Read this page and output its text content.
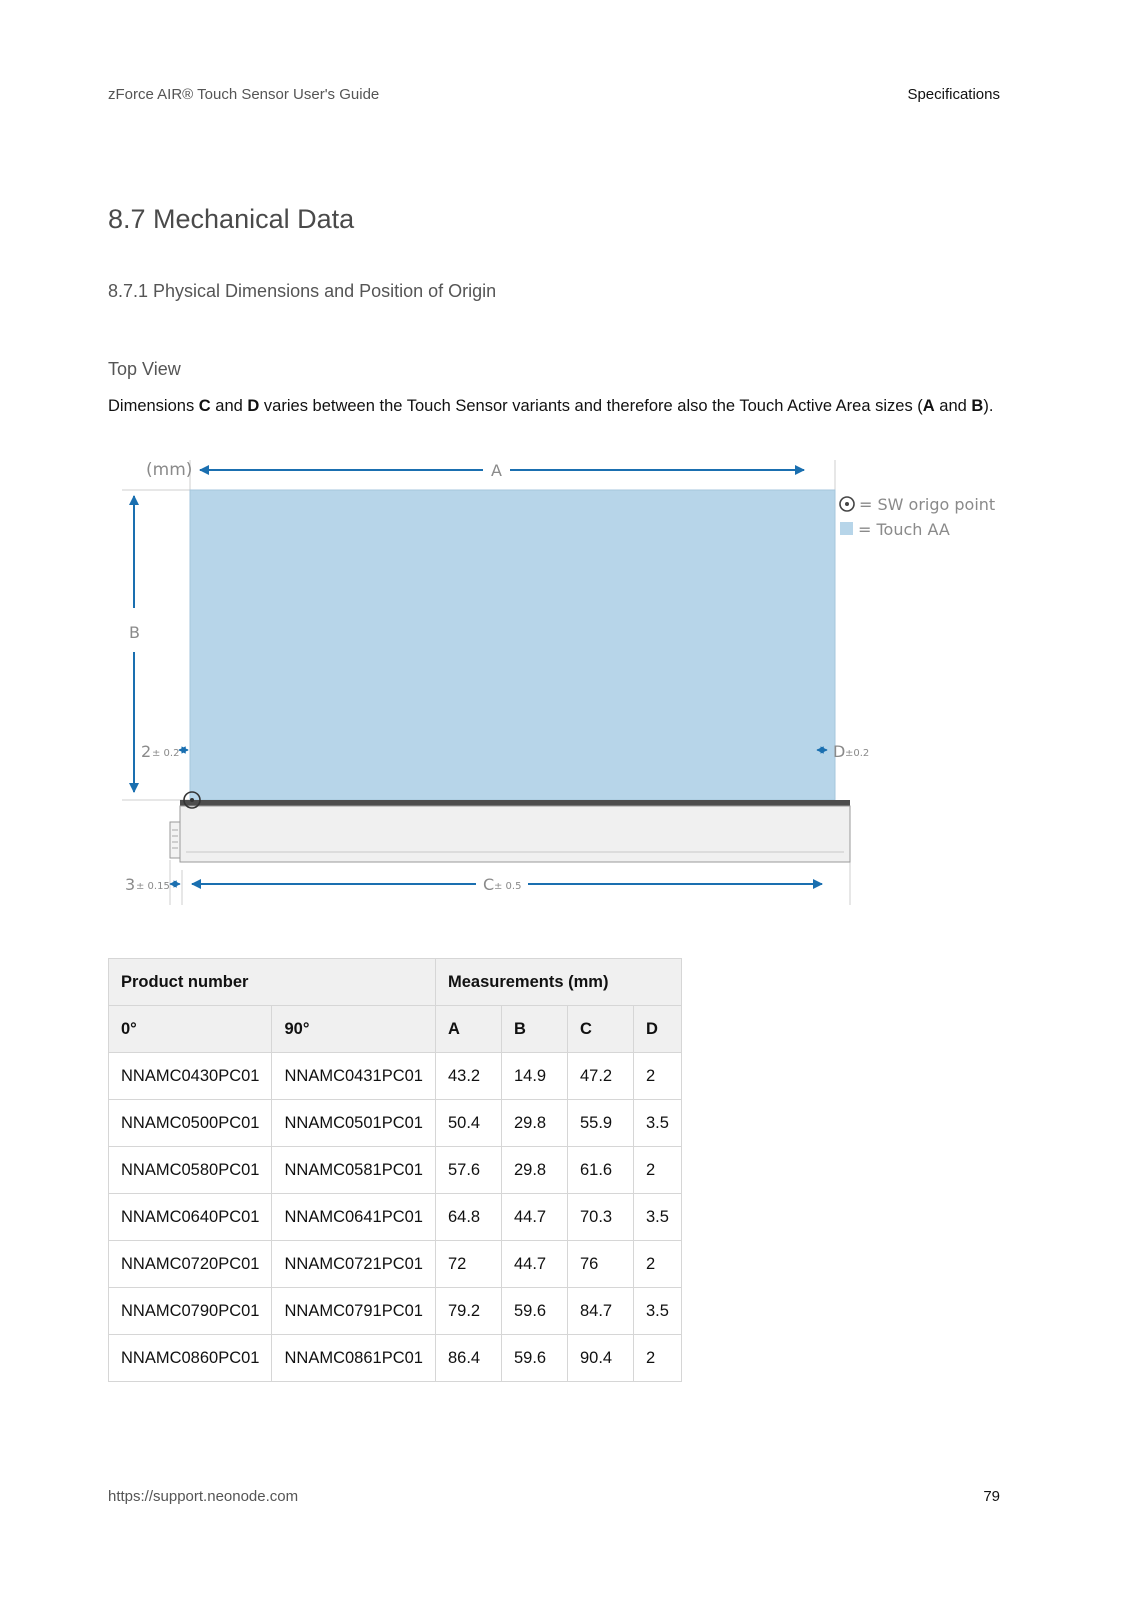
zForce AIR® Touch Sensor User's Guide	Specifications
8.7 Mechanical Data
8.7.1 Physical Dimensions and Position of Origin
Top View
Dimensions C and D varies between the Touch Sensor variants and therefore also the Touch Active Area sizes (A and B).
(mm)	A
B
2 ± 0.2	D ±0.2
3 ± 0.15	C ± 0.5
= SW origo point
= Touch AA
Product number		Measurements (mm)			
0°	90°	A	B	C	D
NNAMC0430PC01	NNAMC0431PC01	43.2	14.9	47.2	2
NNAMC0500PC01	NNAMC0501PC01	50.4	29.8	55.9	3.5
NNAMC0580PC01	NNAMC0581PC01	57.6	29.8	61.6	2
NNAMC0640PC01	NNAMC0641PC01	64.8	44.7	70.3	3.5
NNAMC0720PC01	NNAMC0721PC01	72	44.7	76	2
NNAMC0790PC01	NNAMC0791PC01	79.2	59.6	84.7	3.5
NNAMC0860PC01	NNAMC0861PC01	86.4	59.6	90.4	2
https://support.neonode.com	79
